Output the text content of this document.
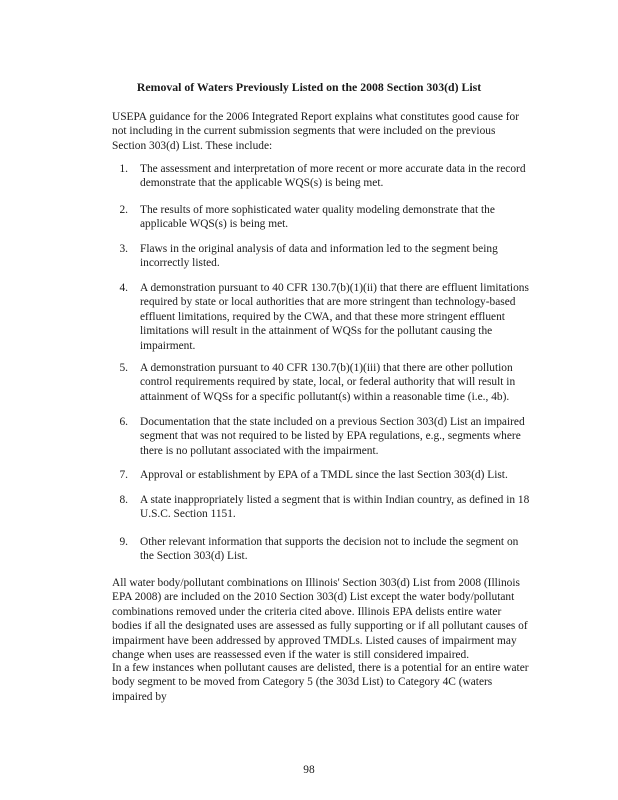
Removal of Waters Previously Listed on the 2008 Section 303(d) List

USEPA guidance for the 2006 Integrated Report explains what constitutes good cause for not including in the current submission segments that were included on the previous Section 303(d) List. These include:

1. The assessment and interpretation of more recent or more accurate data in the record demonstrate that the applicable WQS(s) is being met.
2. The results of more sophisticated water quality modeling demonstrate that the applicable WQS(s) is being met.
3. Flaws in the original analysis of data and information led to the segment being incorrectly listed.
4. A demonstration pursuant to 40 CFR 130.7(b)(1)(ii) that there are effluent limitations required by state or local authorities that are more stringent than technology-based effluent limitations, required by the CWA, and that these more stringent effluent limitations will result in the attainment of WQSs for the pollutant causing the impairment.
5. A demonstration pursuant to 40 CFR 130.7(b)(1)(iii) that there are other pollution control requirements required by state, local, or federal authority that will result in attainment of WQSs for a specific pollutant(s) within a reasonable time (i.e., 4b).
6. Documentation that the state included on a previous Section 303(d) List an impaired segment that was not required to be listed by EPA regulations, e.g., segments where there is no pollutant associated with the impairment.
7. Approval or establishment by EPA of a TMDL since the last Section 303(d) List.
8. A state inappropriately listed a segment that is within Indian country, as defined in 18 U.S.C. Section 1151.
9. Other relevant information that supports the decision not to include the segment on the Section 303(d) List.

All water body/pollutant combinations on Illinois' Section 303(d) List from 2008 (Illinois EPA 2008) are included on the 2010 Section 303(d) List except the water body/pollutant combinations removed under the criteria cited above. Illinois EPA delists entire water bodies if all the designated uses are assessed as fully supporting or if all pollutant causes of impairment have been addressed by approved TMDLs. Listed causes of impairment may change when uses are reassessed even if the water is still considered impaired.

In a few instances when pollutant causes are delisted, there is a potential for an entire water body segment to be moved from Category 5 (the 303d List) to Category 4C (waters impaired by

98
